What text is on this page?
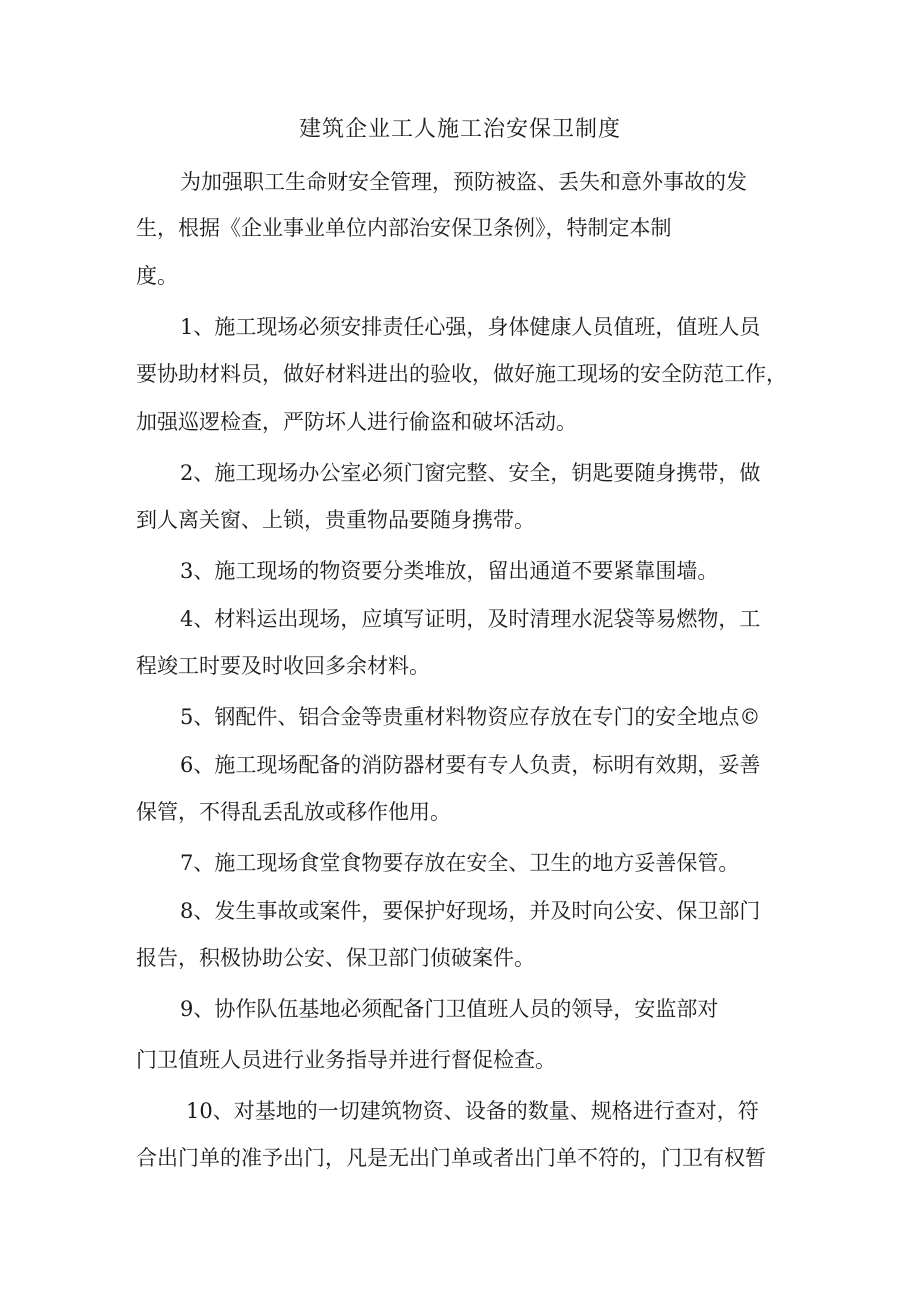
建筑企业工人施工治安保卫制度
为加强职工生命财安全管理，预防被盗、丢失和意外事故的发
生，根据《企业事业单位内部治安保卫条例》，特制定本制
度。
1、施工现场必须安排责任心强，身体健康人员值班，值班人员
要协助材料员，做好材料进出的验收，做好施工现场的安全防范工作，
加强巡逻检查，严防坏人进行偷盗和破坏活动。
2、施工现场办公室必须门窗完整、安全，钥匙要随身携带，做
到人离关窗、上锁，贵重物品要随身携带。
3、施工现场的物资要分类堆放，留出通道不要紧靠围墙。
4、材料运出现场，应填写证明，及时清理水泥袋等易燃物，工
程竣工时要及时收回多余材料。
5、钢配件、铝合金等贵重材料物资应存放在专门的安全地点©
6、施工现场配备的消防器材要有专人负责，标明有效期，妥善
保管，不得乱丢乱放或移作他用。
7、施工现场食堂食物要存放在安全、卫生的地方妥善保管。
8、发生事故或案件，要保护好现场，并及时向公安、保卫部门
报告，积极协助公安、保卫部门侦破案件。
9、协作队伍基地必须配备门卫值班人员的领导，安监部对
门卫值班人员进行业务指导并进行督促检查。
10、对基地的一切建筑物资、设备的数量、规格进行查对，符
合出门单的准予出门，凡是无出门单或者出门单不符的，门卫有权暂
